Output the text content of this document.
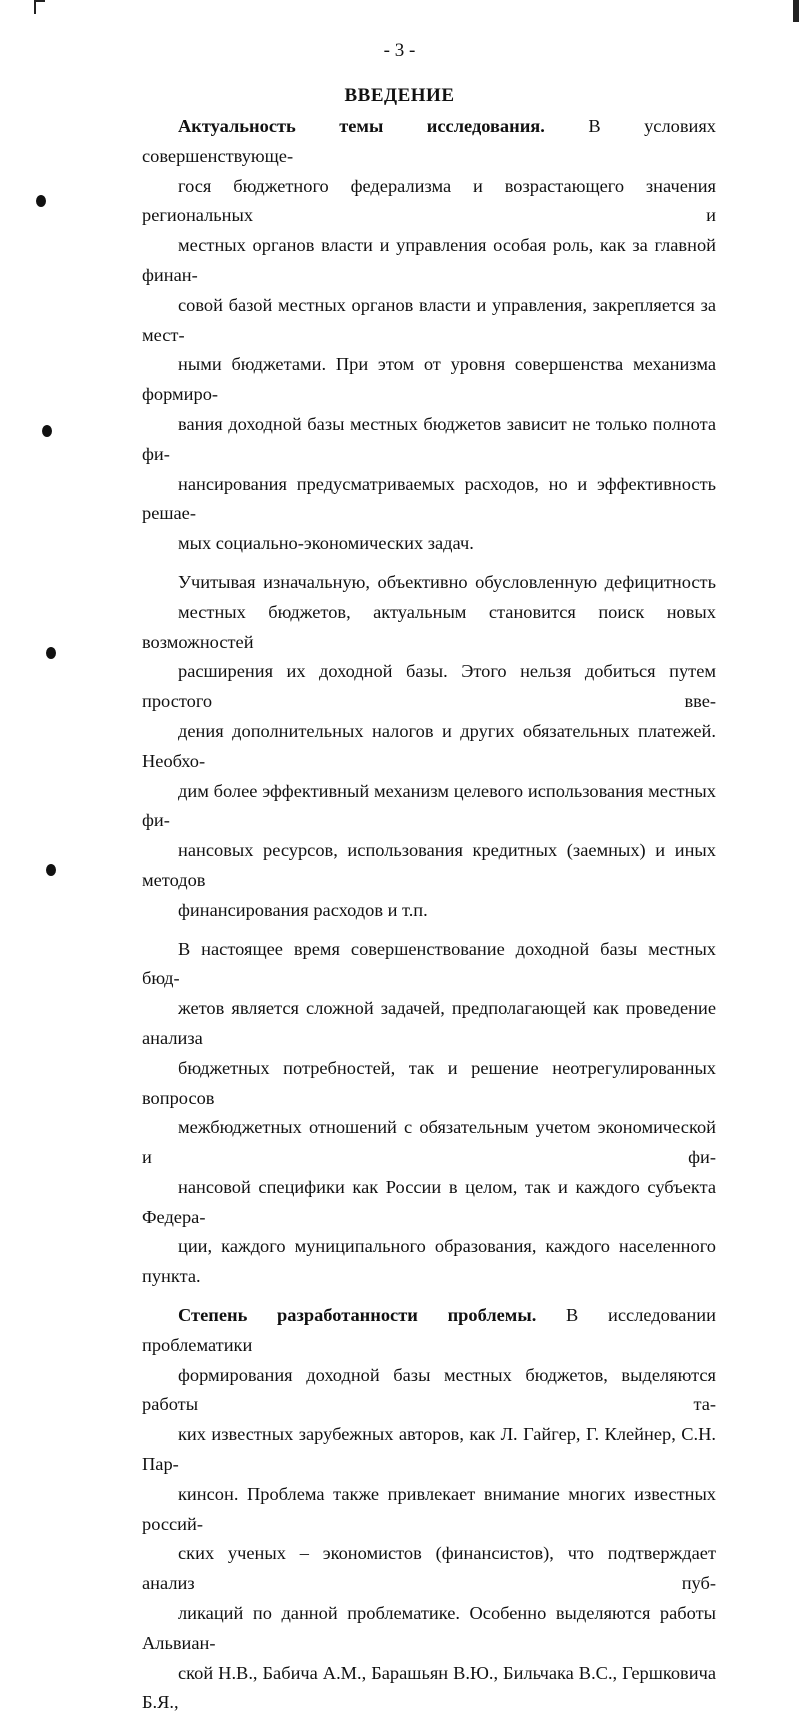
- 3 -
ВВЕДЕНИЕ
Актуальность темы исследования. В условиях совершенствующе-
гося бюджетного федерализма и возрастающего значения региональных и
местных органов власти и управления особая роль, как за главной финан-
совой базой местных органов власти и управления, закрепляется за мест-
ными бюджетами. При этом от уровня совершенства механизма формиро-
вания доходной базы местных бюджетов зависит не только полнота фи-
нансирования предусматриваемых расходов, но и эффективность решае-
мых социально-экономических задач.
Учитывая изначальную, объективно обусловленную дефицитность
местных бюджетов, актуальным становится поиск новых возможностей
расширения их доходной базы. Этого нельзя добиться путем простого вве-
дения дополнительных налогов и других обязательных платежей. Необхо-
дим более эффективный механизм целевого использования местных фи-
нансовых ресурсов, использования кредитных (заемных) и иных методов
финансирования расходов и т.п.
В настоящее время совершенствование доходной базы местных бюд-
жетов является сложной задачей, предполагающей как проведение анализа
бюджетных потребностей, так и решение неотрегулированных вопросов
межбюджетных отношений с обязательным учетом экономической и фи-
нансовой специфики как России в целом, так и каждого субъекта Федера-
ции, каждого муниципального образования, каждого населенного пункта.
Степень разработанности проблемы. В исследовании проблематики
формирования доходной базы местных бюджетов, выделяются работы та-
ких известных зарубежных авторов, как Л. Гайгер, Г. Клейнер, С.Н. Пар-
кинсон. Проблема также привлекает внимание многих известных россий-
ских ученых – экономистов (финансистов), что подтверждает анализ пуб-
ликаций по данной проблематике. Особенно выделяются работы Альвиан-
ской Н.В., Бабича А.М., Барашьян В.Ю., Бильчака В.С., Гершковича Б.Я.,
